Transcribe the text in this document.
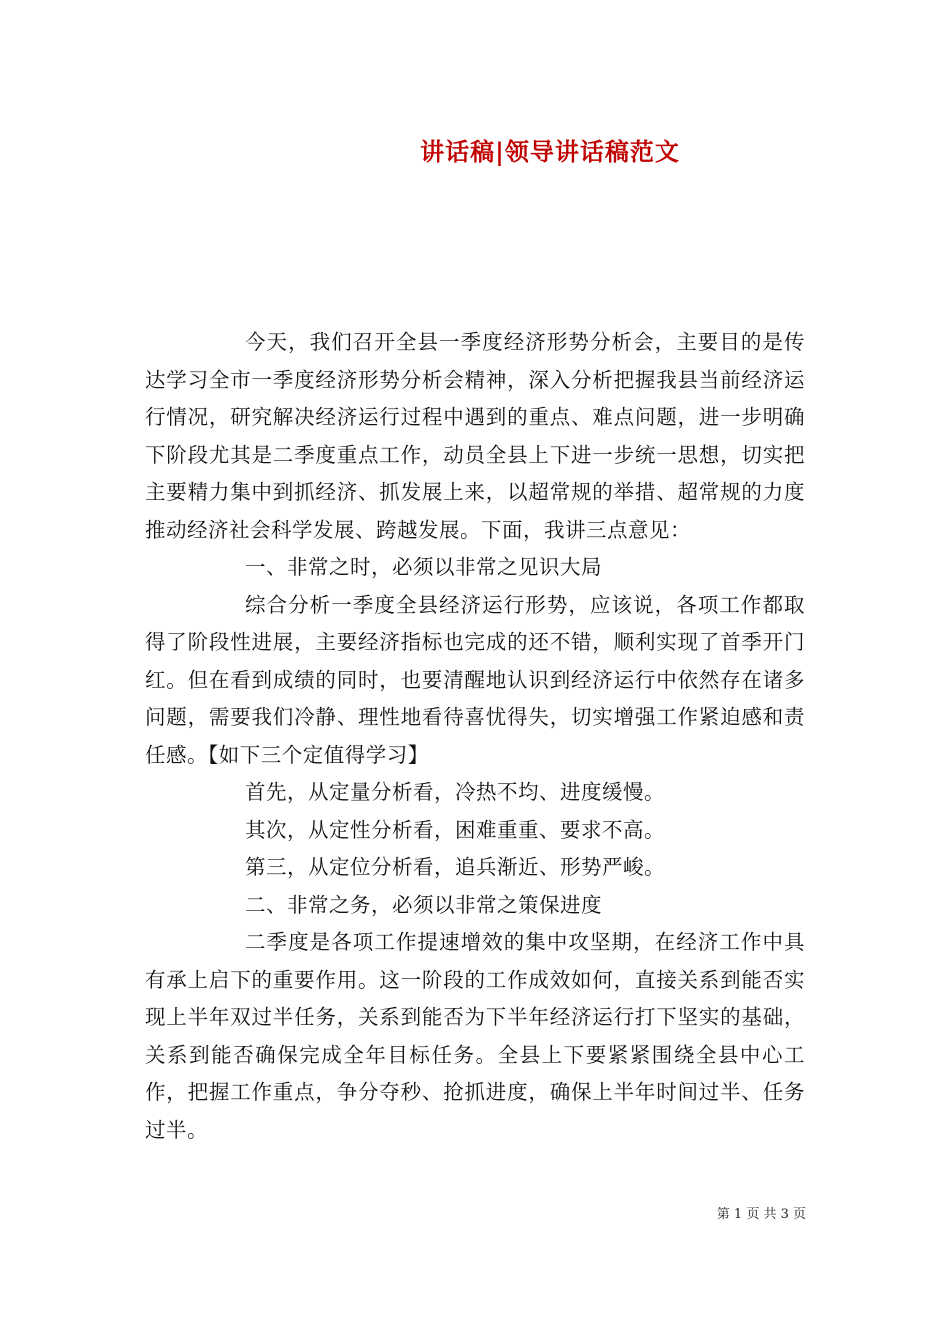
讲话稿|领导讲话稿范文

今天，我们召开全县一季度经济形势分析会，主要目的是传达学习全市一季度经济形势分析会精神，深入分析把握我县当前经济运行情况，研究解决经济运行过程中遇到的重点、难点问题，进一步明确下阶段尤其是二季度重点工作，动员全县上下进一步统一思想，切实把主要精力集中到抓经济、抓发展上来，以超常规的举措、超常规的力度推动经济社会科学发展、跨越发展。下面，我讲三点意见：

一、非常之时，必须以非常之见识大局

综合分析一季度全县经济运行形势，应该说，各项工作都取得了阶段性进展，主要经济指标也完成的还不错，顺利实现了首季开门红。但在看到成绩的同时，也要清醒地认识到经济运行中依然存在诸多问题，需要我们冷静、理性地看待喜忧得失，切实增强工作紧迫感和责任感。【如下三个定值得学习】

首先，从定量分析看，冷热不均、进度缓慢。

其次，从定性分析看，困难重重、要求不高。

第三，从定位分析看，追兵渐近、形势严峻。

二、非常之务，必须以非常之策保进度

二季度是各项工作提速增效的集中攻坚期，在经济工作中具有承上启下的重要作用。这一阶段的工作成效如何，直接关系到能否实现上半年双过半任务，关系到能否为下半年经济运行打下坚实的基础，关系到能否确保完成全年目标任务。全县上下要紧紧围绕全县中心工作，把握工作重点，争分夺秒、抢抓进度，确保上半年时间过半、任务过半。

第 1 页 共 3 页
